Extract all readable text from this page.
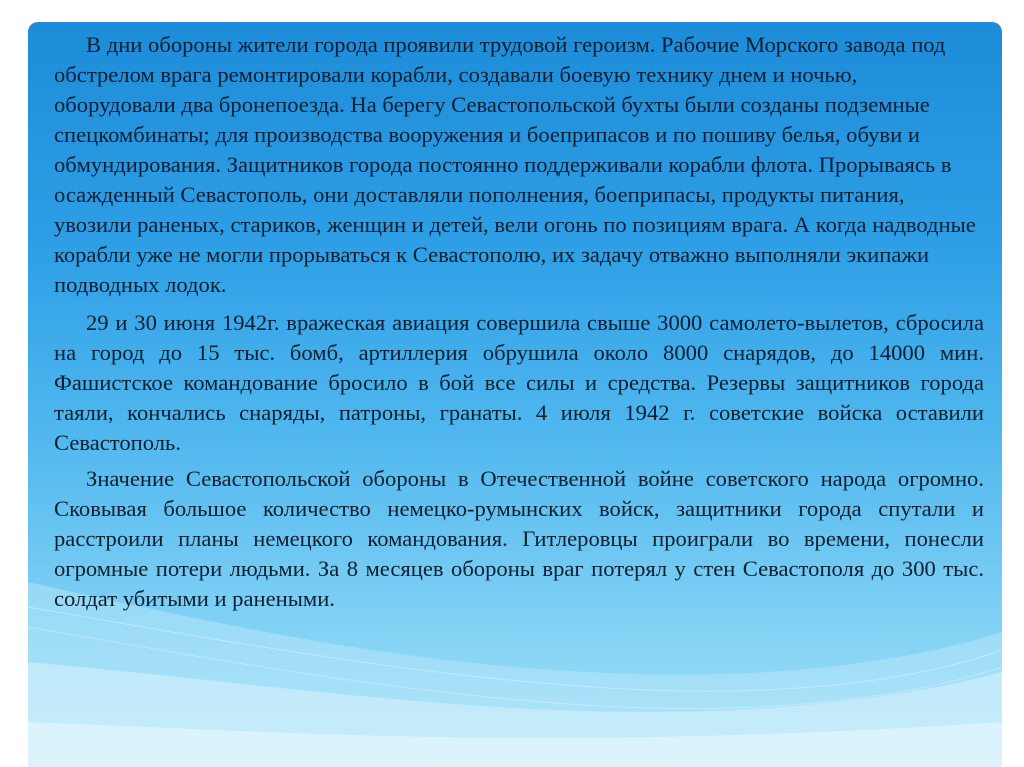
В дни обороны жители города проявили трудовой героизм. Рабочие Морского завода под обстрелом врага ремонтировали корабли, создавали боевую технику днем и ночью, оборудовали два бронепоезда. На берегу Севастопольской бухты были созданы подземные спецкомбинаты; для производства вооружения и боеприпасов и по пошиву белья, обуви и обмундирования. Защитников города постоянно поддерживали корабли флота. Прорываясь в осажденный Севастополь, они доставляли пополнения, боеприпасы, продукты питания, увозили раненых, стариков, женщин и детей, вели огонь по позициям врага. А когда надводные корабли уже не могли прорываться к Севастополю, их задачу отважно выполняли экипажи подводных лодок.

29 и 30 июня 1942г. вражеская авиация совершила свыше 3000 самолето-вылетов, сбросила на город до 15 тыс. бомб, артиллерия обрушила около 8000 снарядов, до 14000 мин. Фашистское командование бросило в бой все силы и средства. Резервы защитников города таяли, кончались снаряды, патроны, гранаты. 4 июля 1942 г. советские войска оставили Севастополь.

Значение Севастопольской обороны в Отечественной войне советского народа огромно. Сковывая большое количество немецко-румынских войск, защитники города спутали и расстроили планы немецкого командования. Гитлеровцы проиграли во времени, понесли огромные потери людьми. За 8 месяцев обороны враг потерял у стен Севастополя до 300 тыс. солдат убитыми и ранеными.
